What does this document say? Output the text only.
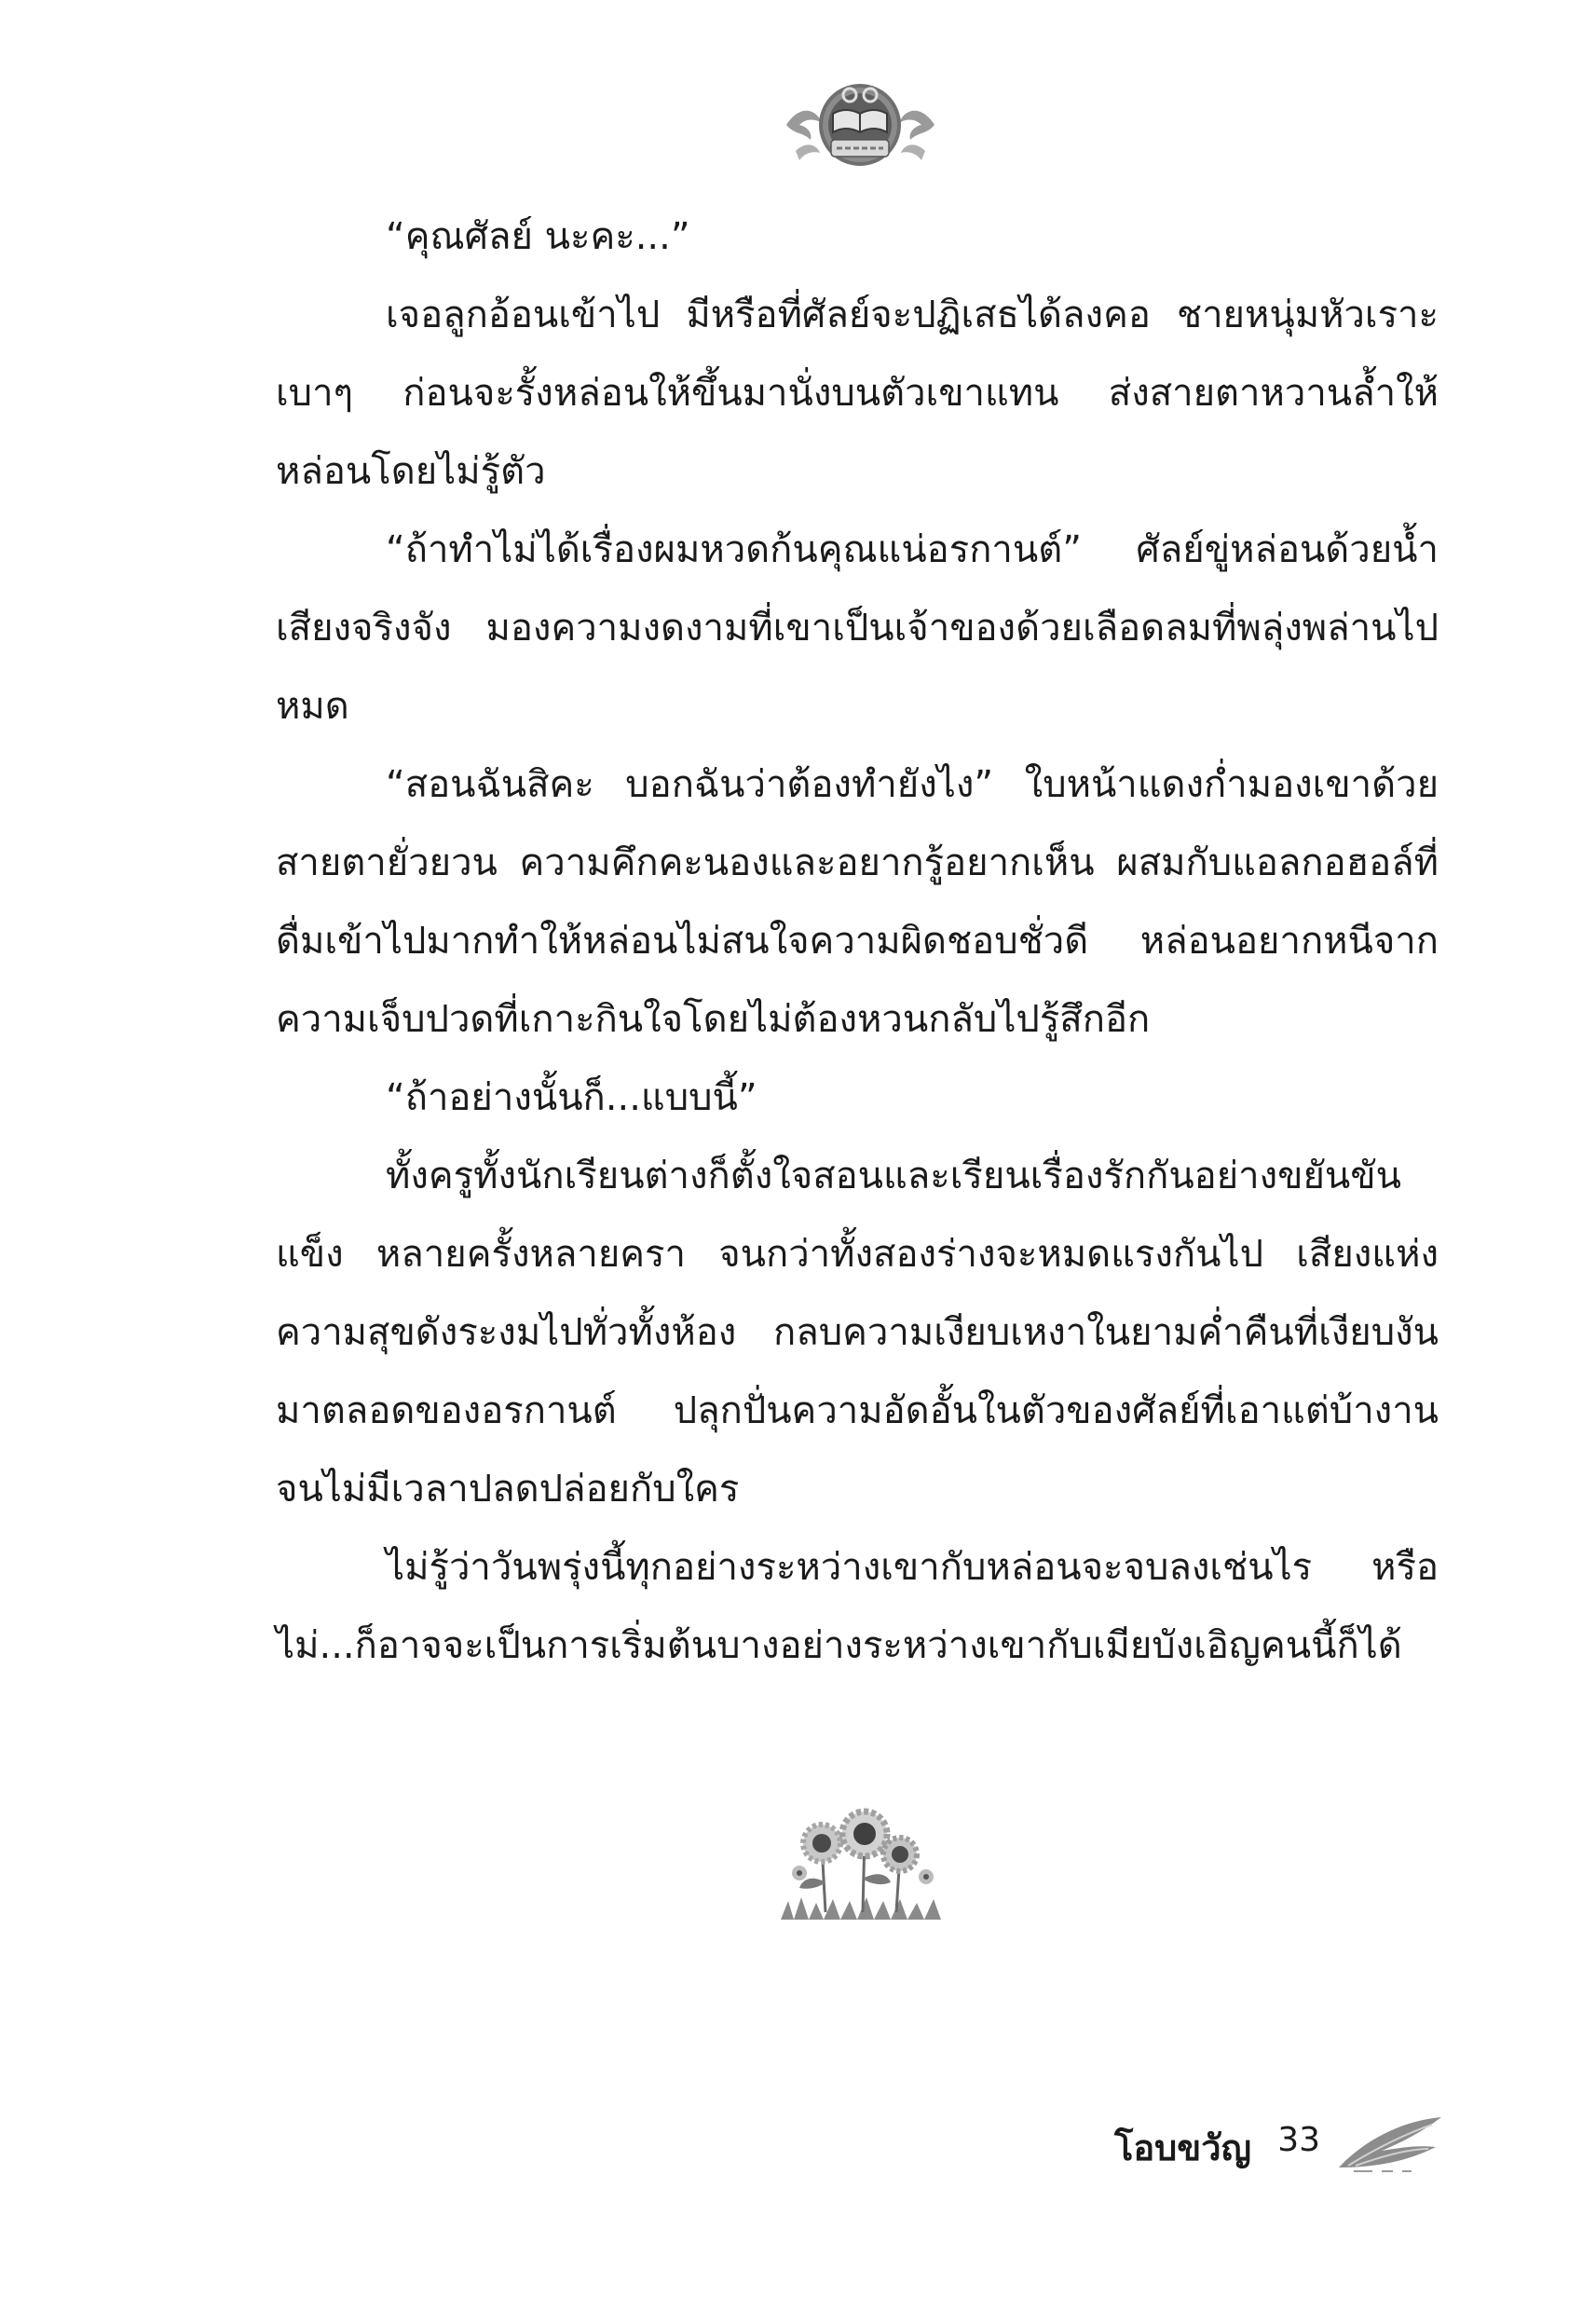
“คุณศัลย์ นะคะ...”

เจอลูกอ้อนเข้าไป มีหรือที่ศัลย์จะปฏิเสธได้ลงคอ ชายหนุ่มหัวเราะเบาๆ ก่อนจะรั้งหล่อนให้ขึ้นมานั่งบนตัวเขาแทน ส่งสายตาหวานล้ำให้หล่อนโดยไม่รู้ตัว

“ถ้าทำไม่ได้เรื่องผมหวดก้นคุณแน่อรกานต์” ศัลย์ขู่หล่อนด้วยน้ำเสียงจริงจัง มองความงดงามที่เขาเป็นเจ้าของด้วยเลือดลมที่พลุ่งพล่านไปหมด

“สอนฉันสิคะ บอกฉันว่าต้องทำยังไง” ใบหน้าแดงก่ำมองเขาด้วยสายตายั่วยวน ความคึกคะนองและอยากรู้อยากเห็น ผสมกับแอลกอฮอล์ที่ดื่มเข้าไปมากทำให้หล่อนไม่สนใจความผิดชอบชั่วดี หล่อนอยากหนีจากความเจ็บปวดที่เกาะกินใจโดยไม่ต้องหวนกลับไปรู้สึกอีก

“ถ้าอย่างนั้นก็...แบบนี้”

ทั้งครูทั้งนักเรียนต่างก็ตั้งใจสอนและเรียนเรื่องรักกันอย่างขยันขันแข็ง หลายครั้งหลายครา จนกว่าทั้งสองร่างจะหมดแรงกันไป เสียงแห่งความสุขดังระงมไปทั่วทั้งห้อง กลบความเงียบเหงาในยามค่ำคืนที่เงียบงันมาตลอดของอรกานต์ ปลุกปั่นความอัดอั้นในตัวของศัลย์ที่เอาแต่บ้างานจนไม่มีเวลาปลดปล่อยกับใคร

ไม่รู้ว่าวันพรุ่งนี้ทุกอย่างระหว่างเขากับหล่อนจะจบลงเช่นไร หรือไม่...ก็อาจจะเป็นการเริ่มต้นบางอย่างระหว่างเขากับเมียบังเอิญคนนี้ก็ได้

โอบขวัญ 33
